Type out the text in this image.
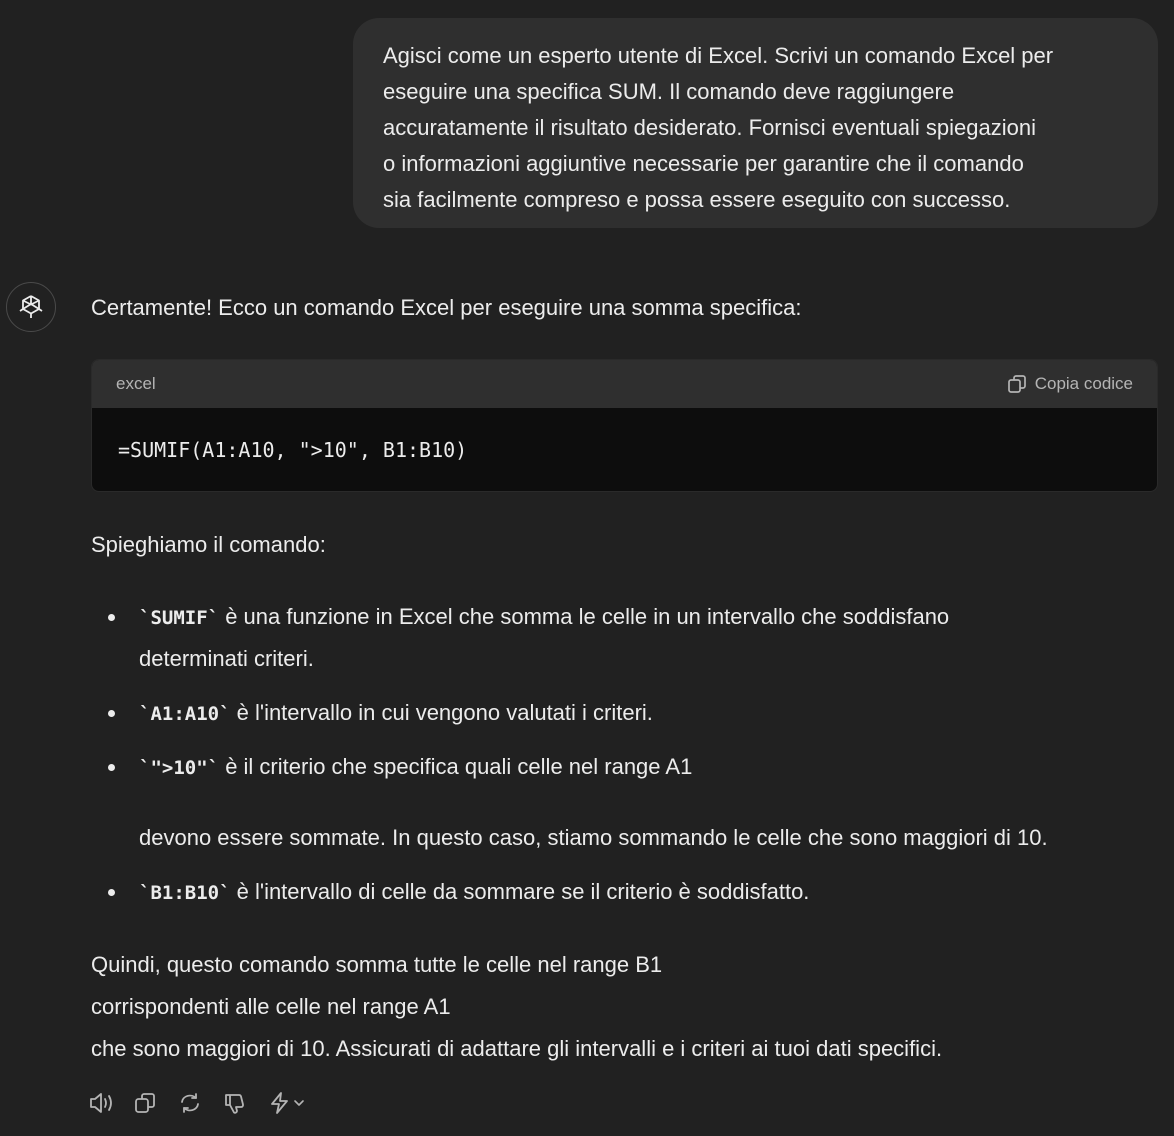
Agisci come un esperto utente di Excel. Scrivi un comando Excel per
eseguire una specifica SUM. Il comando deve raggiungere
accuratamente il risultato desiderato. Fornisci eventuali spiegazioni
o informazioni aggiuntive necessarie per garantire che il comando
sia facilmente compreso e possa essere eseguito con successo.
Certamente! Ecco un comando Excel per eseguire una somma specifica:
excel	Copia codice
=SUMIF(A1:A10, ">10", B1:B10)
Spieghiamo il comando:
`SUMIF` è una funzione in Excel che somma le celle in un intervallo che soddisfano
determinati criteri.
`A1:A10` è l'intervallo in cui vengono valutati i criteri.
`">10"` è il criterio che specifica quali celle nel range A1
devono essere sommate. In questo caso, stiamo sommando le celle che sono maggiori di 10.
`B1:B10` è l'intervallo di celle da sommare se il criterio è soddisfatto.
Quindi, questo comando somma tutte le celle nel range B1
corrispondenti alle celle nel range A1
che sono maggiori di 10. Assicurati di adattare gli intervalli e i criteri ai tuoi dati specifici.
